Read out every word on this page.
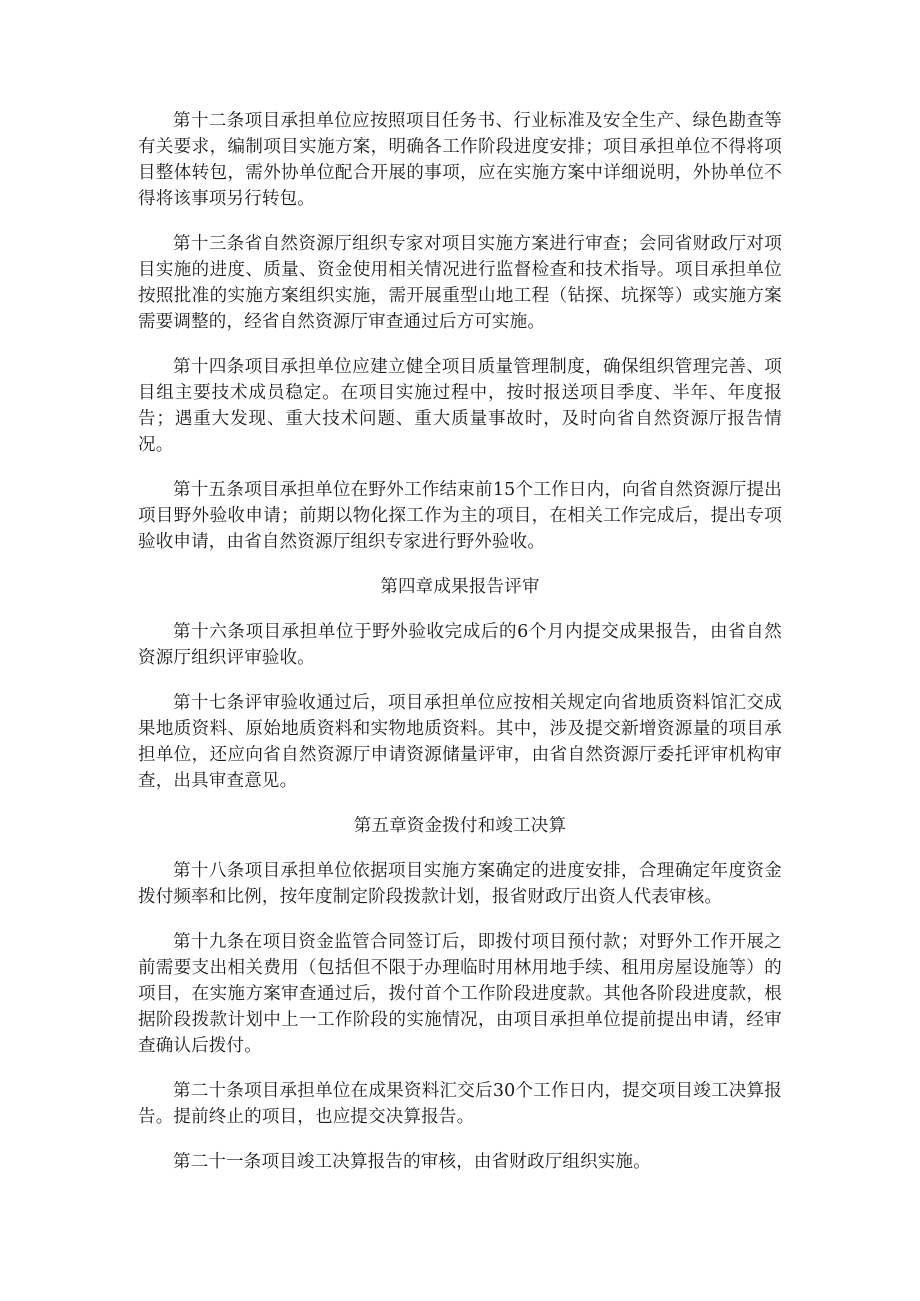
第十二条项目承担单位应按照项目任务书、行业标准及安全生产、绿色勘查等有关要求，编制项目实施方案，明确各工作阶段进度安排；项目承担单位不得将项目整体转包，需外协单位配合开展的事项，应在实施方案中详细说明，外协单位不得将该事项另行转包。

第十三条省自然资源厅组织专家对项目实施方案进行审查；会同省财政厅对项目实施的进度、质量、资金使用相关情况进行监督检查和技术指导。项目承担单位按照批准的实施方案组织实施，需开展重型山地工程（钻探、坑探等）或实施方案需要调整的，经省自然资源厅审查通过后方可实施。

第十四条项目承担单位应建立健全项目质量管理制度，确保组织管理完善、项目组主要技术成员稳定。在项目实施过程中，按时报送项目季度、半年、年度报告；遇重大发现、重大技术问题、重大质量事故时，及时向省自然资源厅报告情况。

第十五条项目承担单位在野外工作结束前15个工作日内，向省自然资源厅提出项目野外验收申请；前期以物化探工作为主的项目，在相关工作完成后，提出专项验收申请，由省自然资源厅组织专家进行野外验收。

第四章成果报告评审

第十六条项目承担单位于野外验收完成后的6个月内提交成果报告，由省自然资源厅组织评审验收。

第十七条评审验收通过后，项目承担单位应按相关规定向省地质资料馆汇交成果地质资料、原始地质资料和实物地质资料。其中，涉及提交新增资源量的项目承担单位，还应向省自然资源厅申请资源储量评审，由省自然资源厅委托评审机构审查，出具审查意见。

第五章资金拨付和竣工决算

第十八条项目承担单位依据项目实施方案确定的进度安排，合理确定年度资金拨付频率和比例，按年度制定阶段拨款计划，报省财政厅出资人代表审核。

第十九条在项目资金监管合同签订后，即拨付项目预付款；对野外工作开展之前需要支出相关费用（包括但不限于办理临时用林用地手续、租用房屋设施等）的项目，在实施方案审查通过后，拨付首个工作阶段进度款。其他各阶段进度款，根据阶段拨款计划中上一工作阶段的实施情况，由项目承担单位提前提出申请，经审查确认后拨付。

第二十条项目承担单位在成果资料汇交后30个工作日内，提交项目竣工决算报告。提前终止的项目，也应提交决算报告。

第二十一条项目竣工决算报告的审核，由省财政厅组织实施。
